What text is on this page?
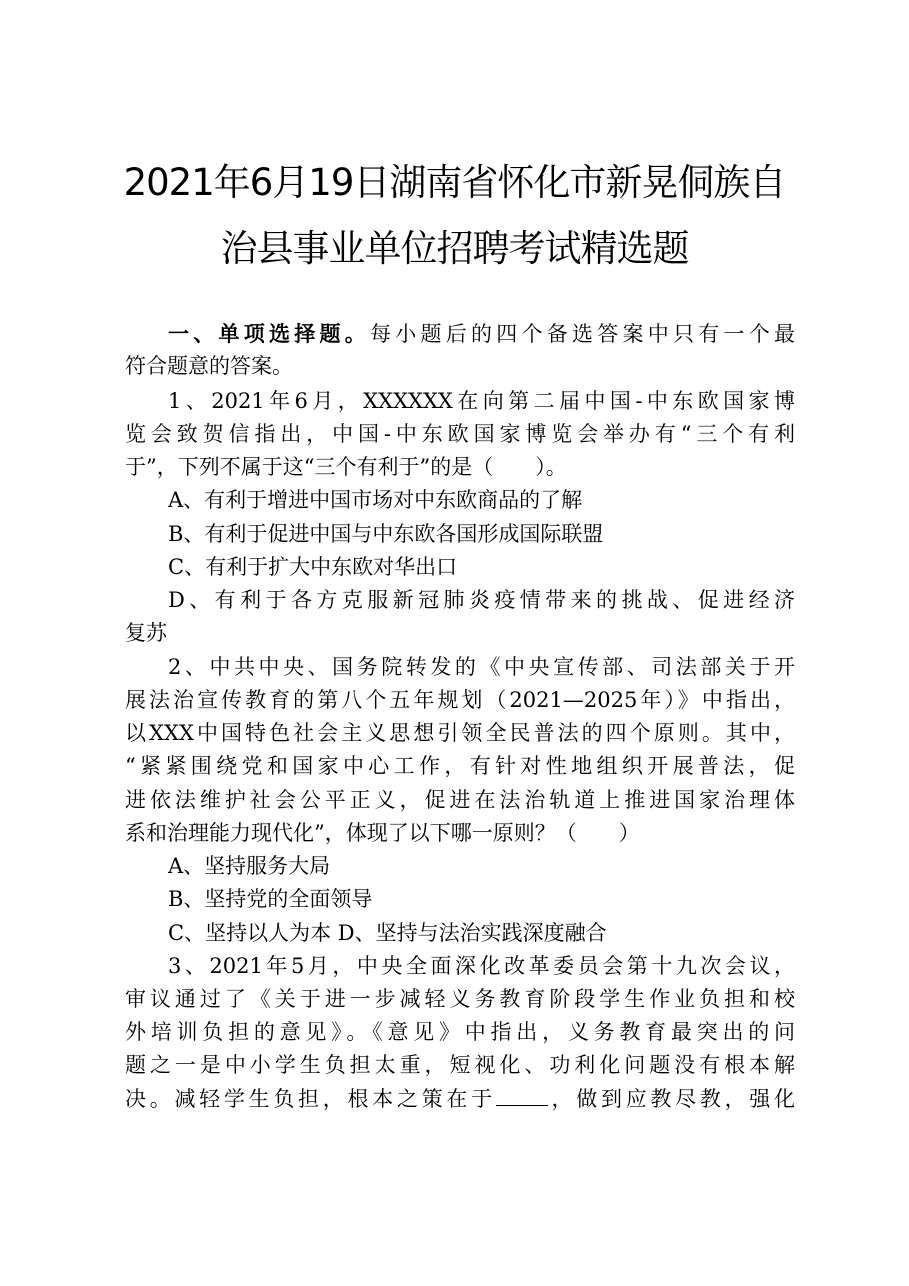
2021年6月19日湖南省怀化市新晃侗族自
治县事业单位招聘考试精选题
一、单项选择题。每小题后的四个备选答案中只有一个最
符合题意的答案。
1、2021年6月，XXXXXX在向第二届中国-中东欧国家博
览会致贺信指出，中国-中东欧国家博览会举办有“三个有利
于”，下列不属于这“三个有利于”的是（　　）。
A、有利于增进中国市场对中东欧商品的了解
B、有利于促进中国与中东欧各国形成国际联盟
C、有利于扩大中东欧对华出口
D、有利于各方克服新冠肺炎疫情带来的挑战、促进经济
复苏
2、中共中央、国务院转发的《中央宣传部、司法部关于开
展法治宣传教育的第八个五年规划（2021—2025年）》中指出，
以XXX中国特色社会主义思想引领全民普法的四个原则。其中，
“紧紧围绕党和国家中心工作，有针对性地组织开展普法，促
进依法维护社会公平正义，促进在法治轨道上推进国家治理体
系和治理能力现代化”，体现了以下哪一原则？（　　）
A、坚持服务大局
B、坚持党的全面领导
C、坚持以人为本 D、坚持与法治实践深度融合
3、2021年5月，中央全面深化改革委员会第十九次会议，
审议通过了《关于进一步减轻义务教育阶段学生作业负担和校
外培训负担的意见》。《意见》中指出，义务教育最突出的问
题之一是中小学生负担太重，短视化、功利化问题没有根本解
决。减轻学生负担，根本之策在于 ，做到应教尽教，强化
